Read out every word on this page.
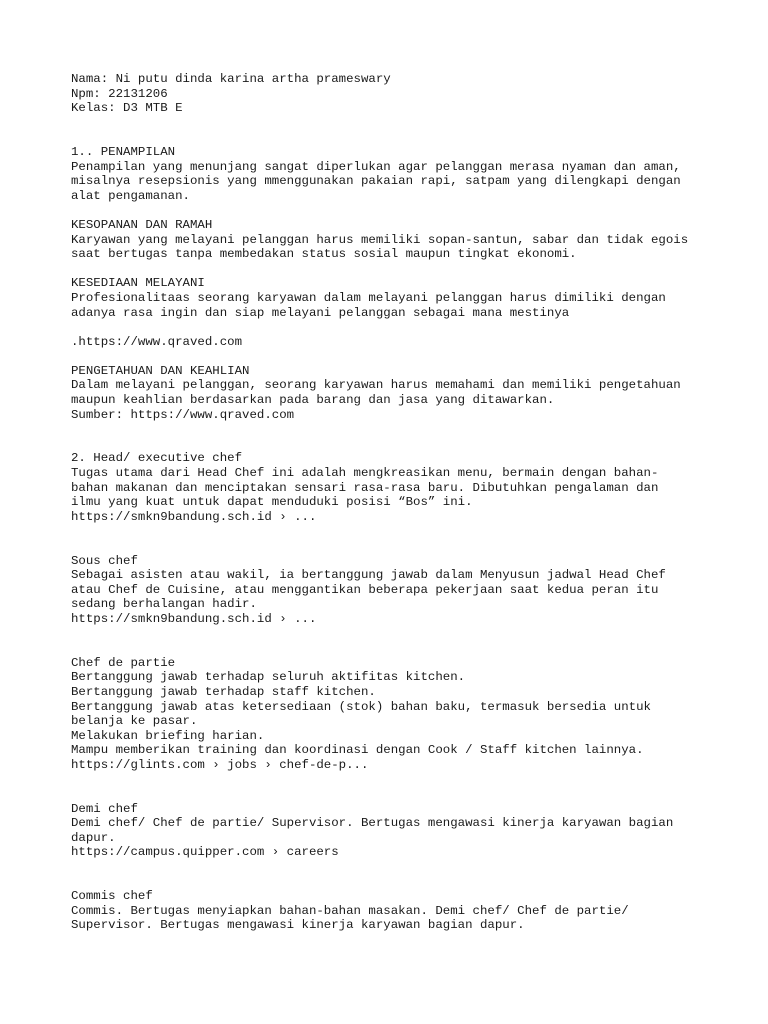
Nama: Ni putu dinda karina artha prameswary
Npm: 22131206
Kelas: D3 MTB E
1.. PENAMPILAN
Penampilan yang menunjang sangat diperlukan agar pelanggan merasa nyaman dan aman,
misalnya resepsionis yang mmenggunakan pakaian rapi, satpam yang dilengkapi dengan
alat pengamanan.
KESOPANAN DAN RAMAH
Karyawan yang melayani pelanggan harus memiliki sopan-santun, sabar dan tidak egois
saat bertugas tanpa membedakan status sosial maupun tingkat ekonomi.
KESEDIAAN MELAYANI
Profesionalitaas seorang karyawan dalam melayani pelanggan harus dimiliki dengan
adanya rasa ingin dan siap melayani pelanggan sebagai mana mestinya
.https://www.qraved.com
PENGETAHUAN DAN KEAHLIAN
Dalam melayani pelanggan, seorang karyawan harus memahami dan memiliki pengetahuan
maupun keahlian berdasarkan pada barang dan jasa yang ditawarkan.
Sumber: https://www.qraved.com
2. Head/ executive chef
Tugas utama dari Head Chef ini adalah mengkreasikan menu, bermain dengan bahan-
bahan makanan dan menciptakan sensari rasa-rasa baru. Dibutuhkan pengalaman dan
ilmu yang kuat untuk dapat menduduki posisi “Bos” ini.
https://smkn9bandung.sch.id › ...
Sous chef
Sebagai asisten atau wakil, ia bertanggung jawab dalam Menyusun jadwal Head Chef
atau Chef de Cuisine, atau menggantikan beberapa pekerjaan saat kedua peran itu
sedang berhalangan hadir.
https://smkn9bandung.sch.id › ...
Chef de partie
Bertanggung jawab terhadap seluruh aktifitas kitchen.
Bertanggung jawab terhadap staff kitchen.
Bertanggung jawab atas ketersediaan (stok) bahan baku, termasuk bersedia untuk
belanja ke pasar.
Melakukan briefing harian.
Mampu memberikan training dan koordinasi dengan Cook / Staff kitchen lainnya.
https://glints.com › jobs › chef-de-p...
Demi chef
Demi chef/ Chef de partie/ Supervisor. Bertugas mengawasi kinerja karyawan bagian
dapur.
https://campus.quipper.com › careers
Commis chef
Commis. Bertugas menyiapkan bahan-bahan masakan. Demi chef/ Chef de partie/
Supervisor. Bertugas mengawasi kinerja karyawan bagian dapur.
